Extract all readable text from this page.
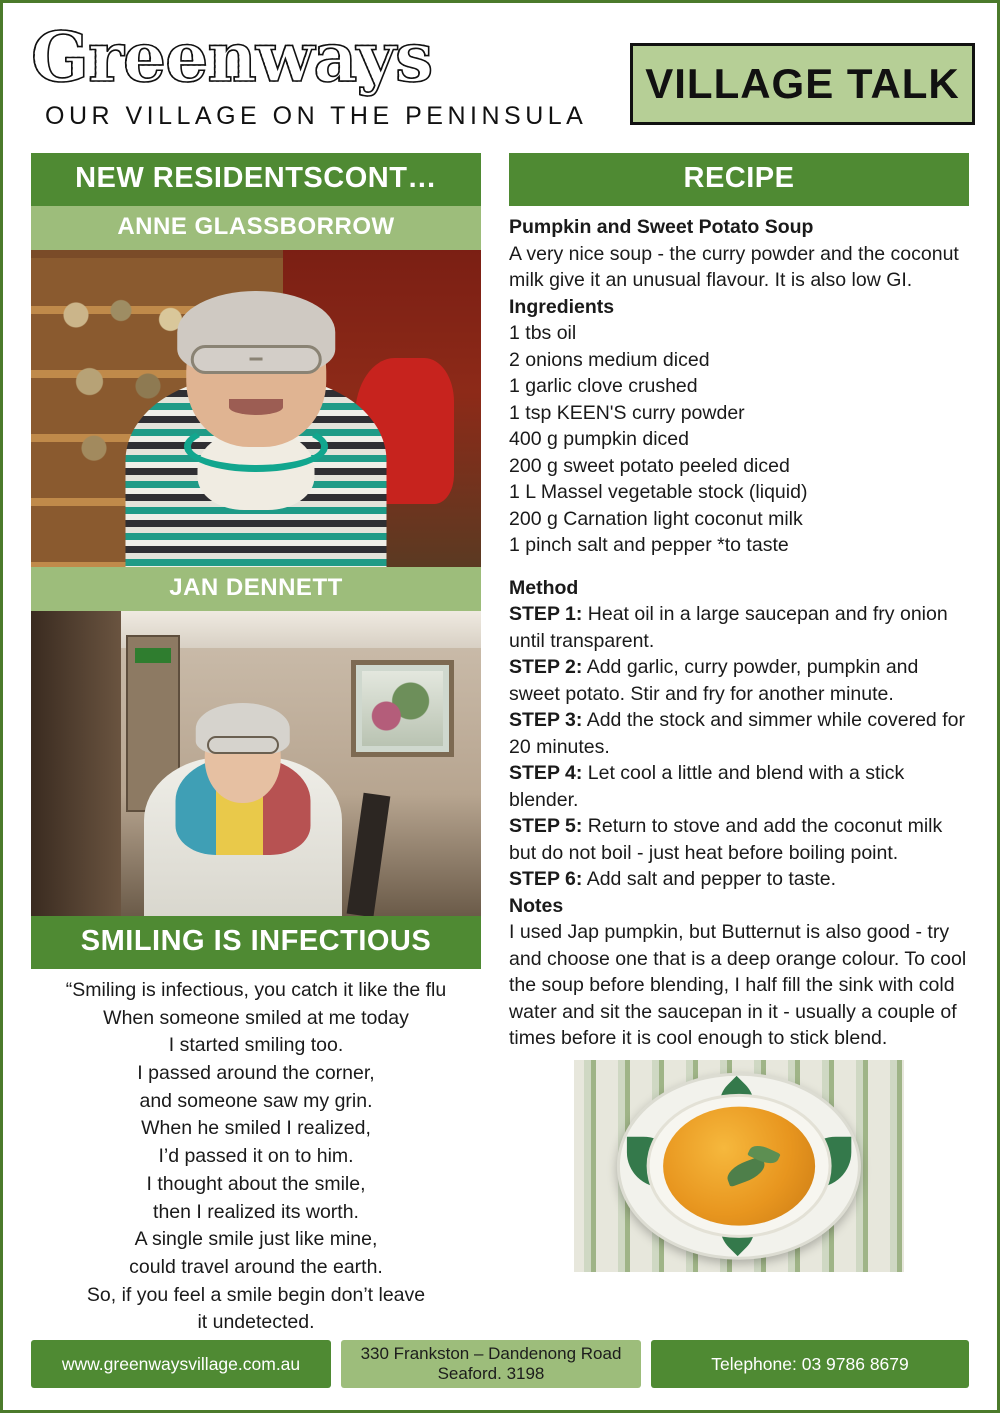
Greenways
OUR VILLAGE ON THE PENINSULA
VILLAGE TALK
NEW RESIDENTSCONT…
ANNE GLASSBORROW
JAN DENNETT
SMILING IS INFECTIOUS
“Smiling is infectious, you catch it like the flu
When someone smiled at me today
I started smiling too.
I passed around the corner,
and someone saw my grin.
When he smiled I realized,
I’d passed it on to him.
I thought about the smile,
then I realized its worth.
A single smile just like mine,
could travel around the earth.
So, if you feel a smile begin don’t leave
it undetected.
RECIPE

Pumpkin and Sweet Potato Soup

A very nice soup - the curry powder and the coconut milk give it an unusual flavour. It is also low GI.

Ingredients

1 tbs oil

2 onions medium diced

1 garlic clove crushed

1 tsp KEEN'S curry powder

400 g pumpkin diced

200 g sweet potato peeled diced

1 L Massel vegetable stock (liquid)

200 g Carnation light coconut milk

1 pinch salt and pepper *to taste

Method

STEP 1: Heat oil in a large saucepan and fry onion until transparent.

STEP 2: Add garlic, curry powder, pumpkin and sweet potato. Stir and fry for another minute.

STEP 3: Add the stock and simmer while covered for 20 minutes.

STEP 4: Let cool a little and blend with a stick blender.

STEP 5: Return to stove and add the coconut milk but do not boil - just heat before boiling point.

STEP 6: Add salt and pepper to taste.

Notes

I used Jap pumpkin, but Butternut is also good - try and choose one that is a deep orange colour. To cool the soup before blending, I half fill the sink with cold water and sit the saucepan in it - usually a couple of times before it is cool enough to stick blend.

www.greenwaysvillage.com.au
330 Frankston – Dandenong Road
Seaford. 3198	Telephone: 03 9786 8679
